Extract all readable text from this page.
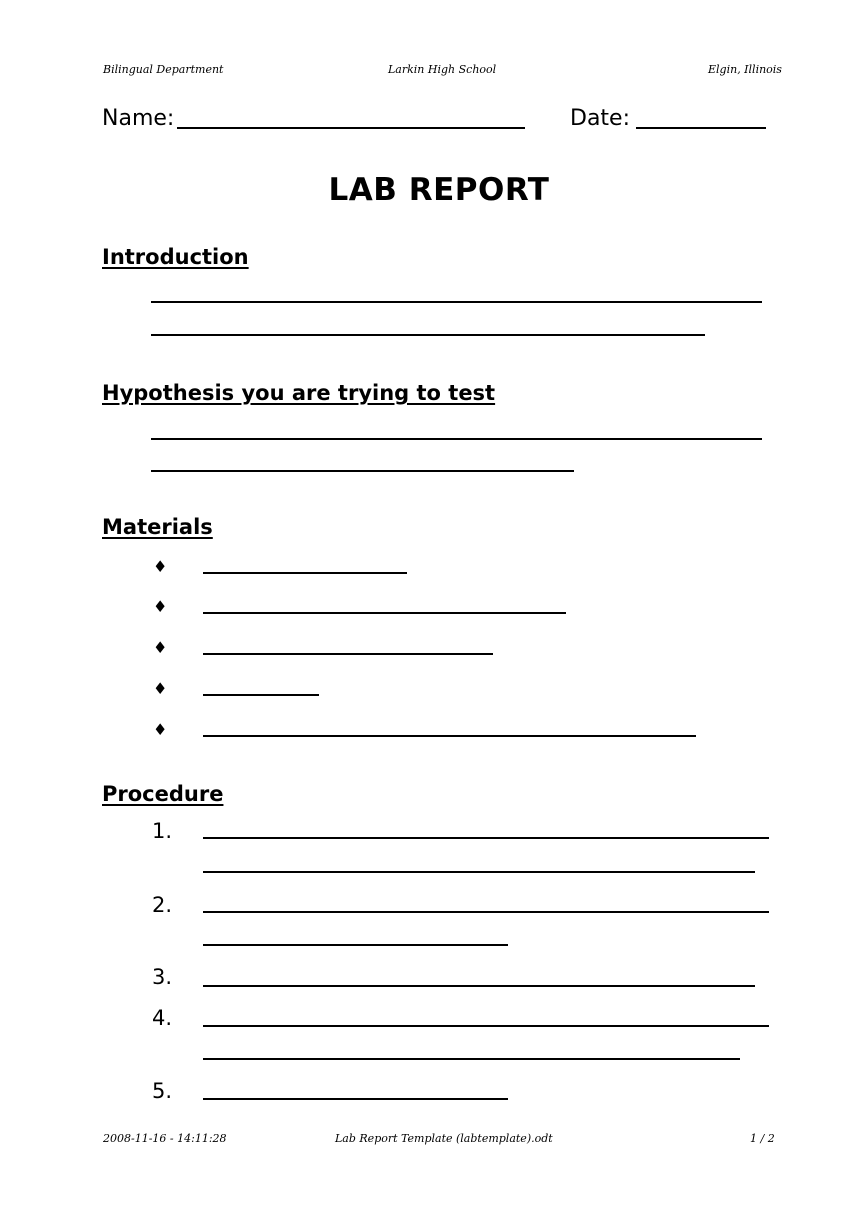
Bilingual Department	Larkin High School	Elgin, Illinois
Name:	Date:
LAB REPORT
Introduction
Hypothesis you are trying to test
Materials
♦
♦
♦
♦
♦
Procedure
1.
2.
3.
4.
5.
2008-11-16 - 14:11:28	Lab Report Template (labtemplate).odt	1 / 2
